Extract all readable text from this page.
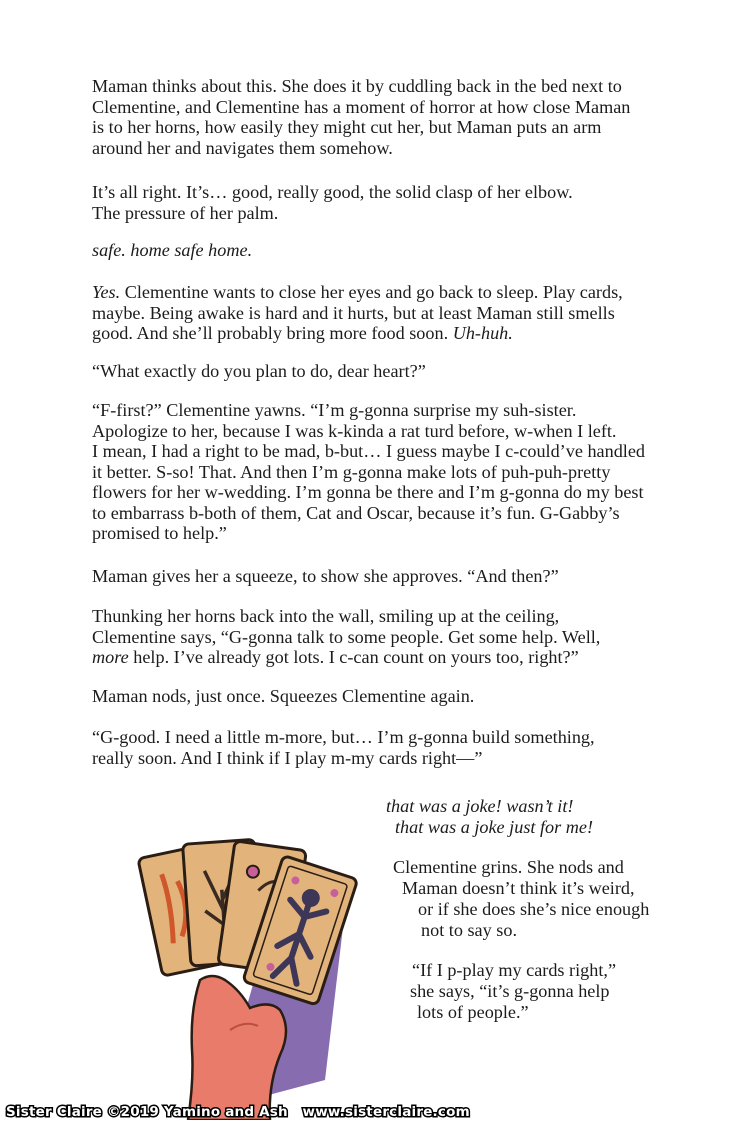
Maman thinks about this. She does it by cuddling back in the bed next to
Clementine, and Clementine has a moment of horror at how close Maman
is to her horns, how easily they might cut her, but Maman puts an arm
around her and navigates them somehow.

It’s all right. It’s… good, really good, the solid clasp of her elbow.
The pressure of her palm.

safe. home safe home.

Yes. Clementine wants to close her eyes and go back to sleep. Play cards,
maybe. Being awake is hard and it hurts, but at least Maman still smells
good. And she’ll probably bring more food soon. Uh-huh.

“What exactly do you plan to do, dear heart?”

“F-first?” Clementine yawns. “I’m g-gonna surprise my suh-sister.
Apologize to her, because I was k-kinda a rat turd before, w-when I left.
I mean, I had a right to be mad, b-but… I guess maybe I c-could’ve handled
it better. S-so! That. And then I’m g-gonna make lots of puh-puh-pretty
flowers for her w-wedding. I’m gonna be there and I’m g-gonna do my best
to embarrass b-both of them, Cat and Oscar, because it’s fun. G-Gabby’s
promised to help.”

Maman gives her a squeeze, to show she approves. “And then?”

Thunking her horns back into the wall, smiling up at the ceiling,
Clementine says, “G-gonna talk to some people. Get some help. Well,
more help. I’ve already got lots. I c-can count on yours too, right?”

Maman nods, just once. Squeezes Clementine again.

“G-good. I need a little m-more, but… I’m g-gonna build something,
really soon. And I think if I play m-my cards right—”

that was a joke! wasn’t it!
that was a joke just for me!
Clementine grins. She nods and
Maman doesn’t think it’s weird,
or if she does she’s nice enough
not to say so.
“If I p-play my cards right,”
she says, “it’s g-gonna help
lots of people.”
Sister Claire ©2019 Yamino and Ash www.sisterclaire.com
